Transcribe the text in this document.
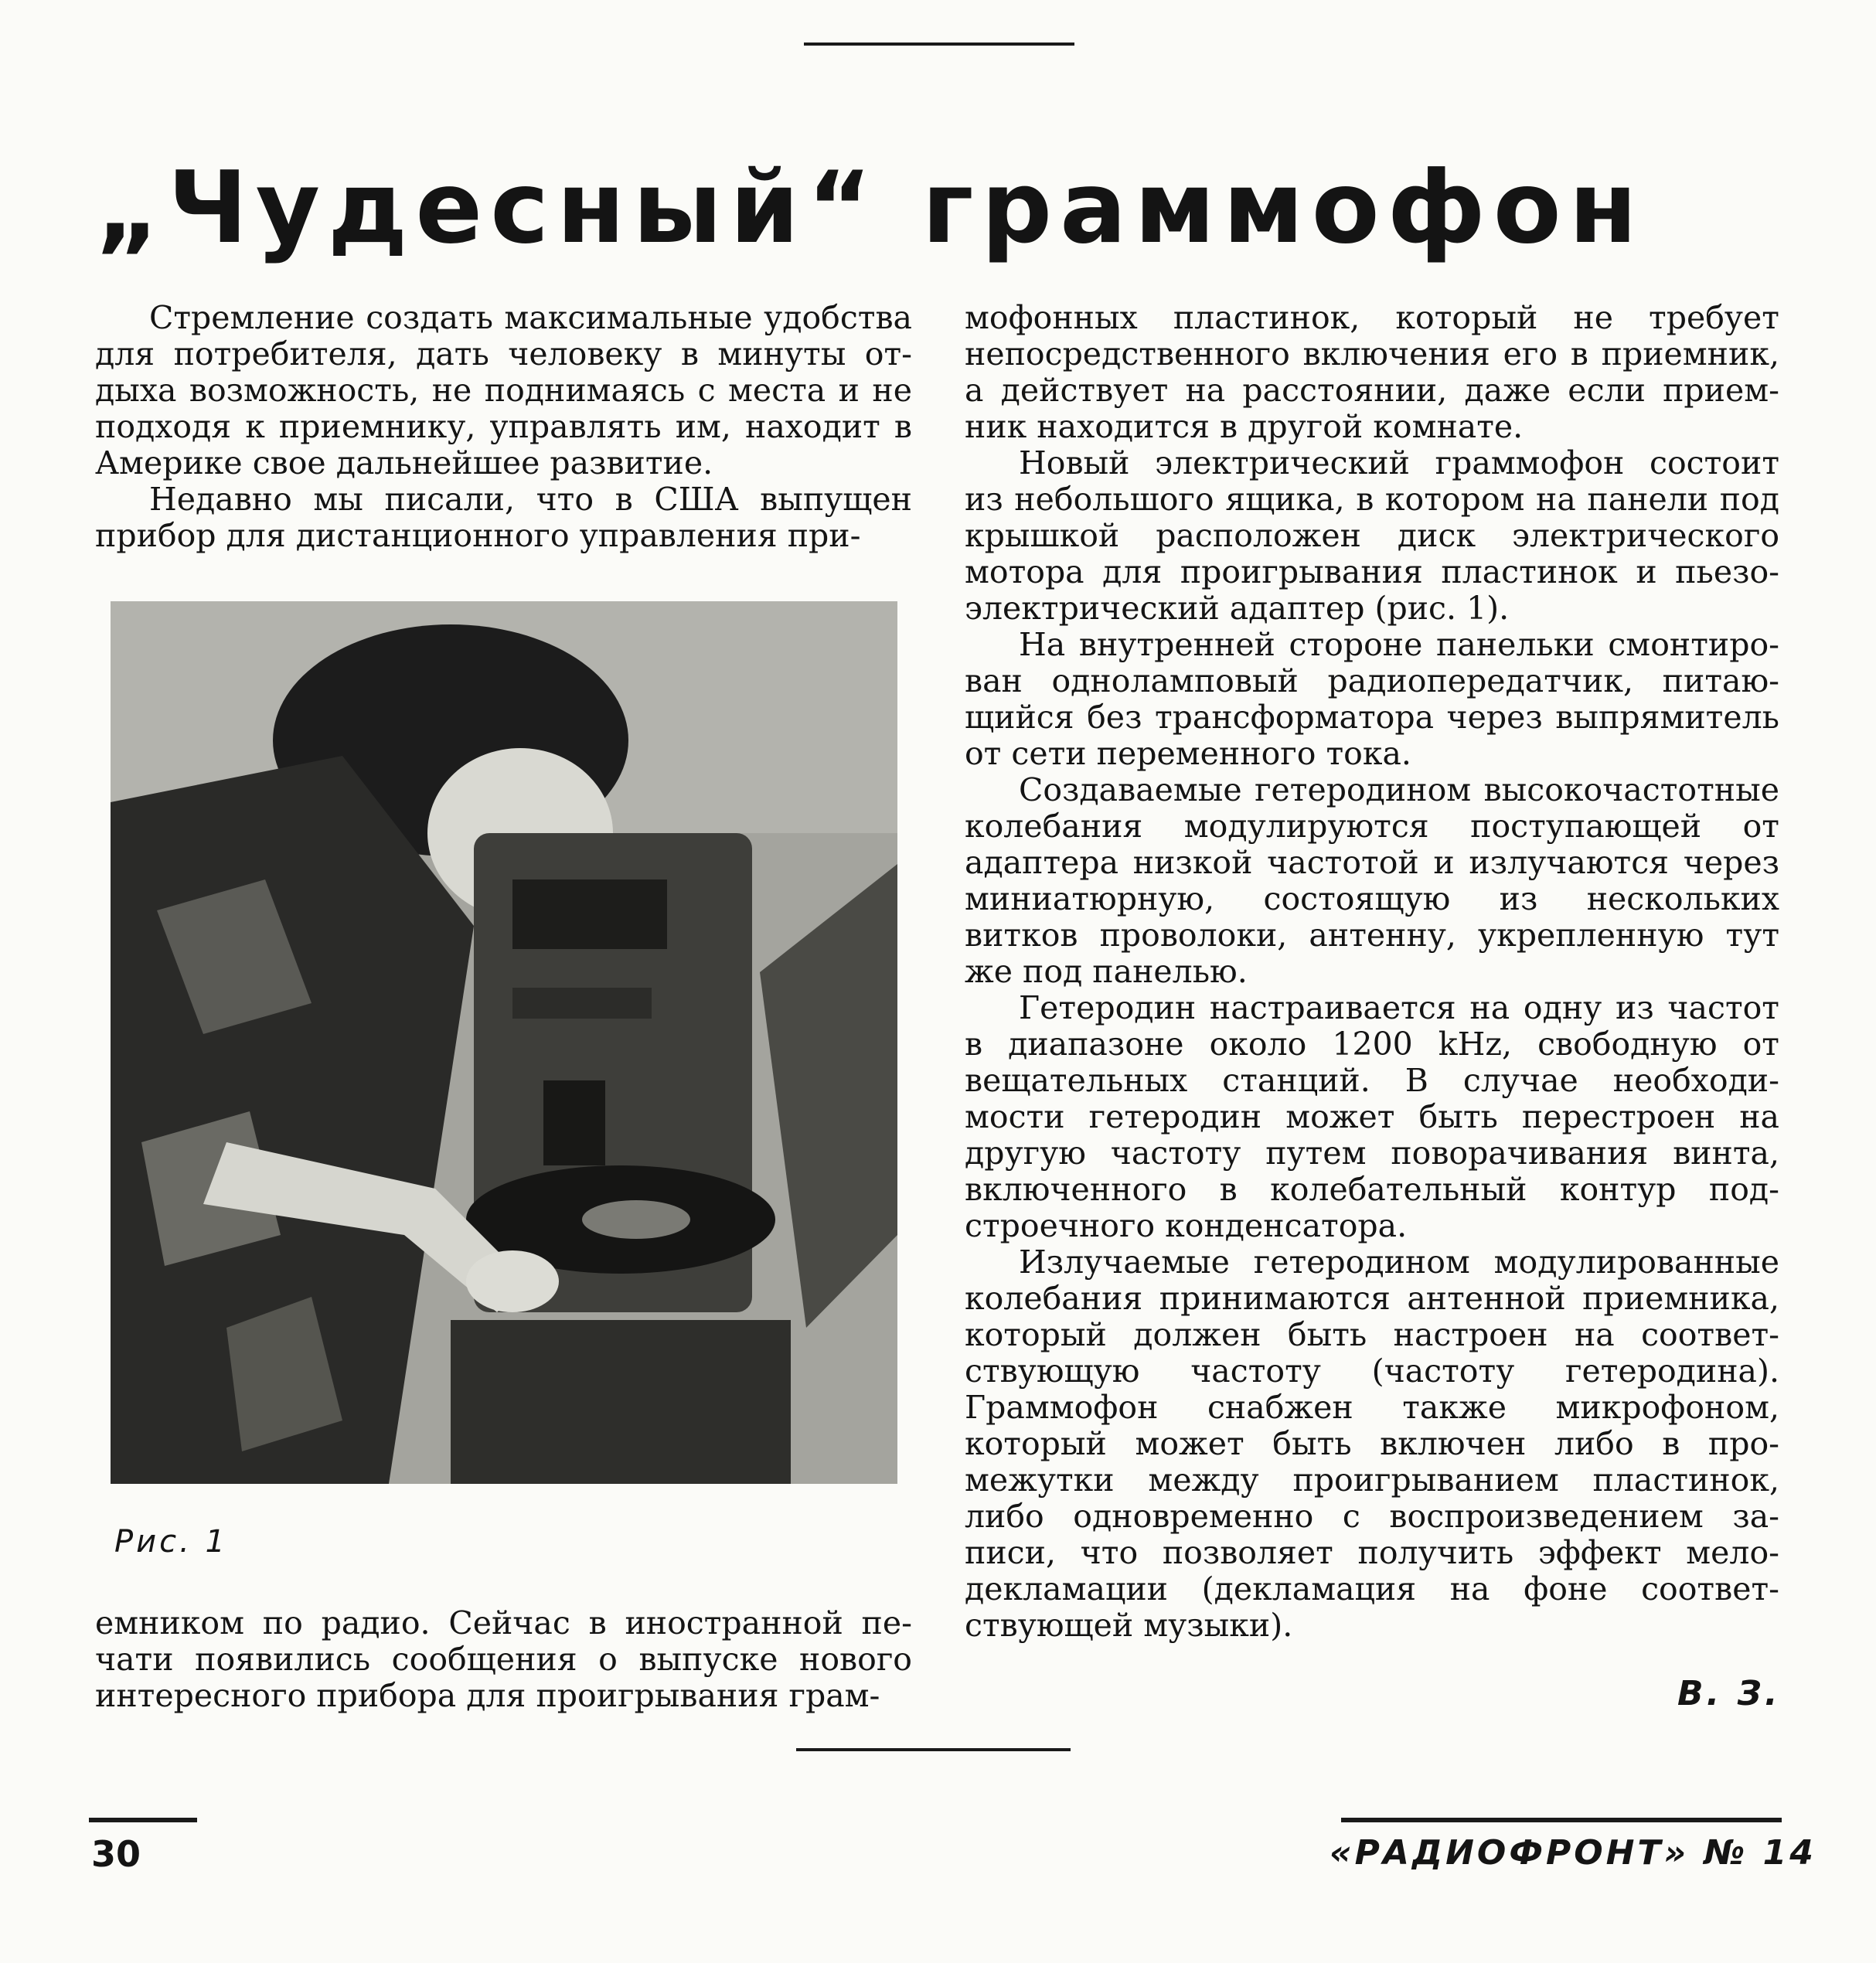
„Чудесный“ граммофон

Стремление создать максимальные удобства для потребителя, дать человеку в минуты от-дыха возможность, не поднимаясь с места и не подходя к приемнику, управлять им, находит в Америке свое дальнейшее развитие.

Недавно мы писали, что в США выпущен прибор для дистанционного управления при-

Рис. 1

емником по радио. Сейчас в иностранной пе-чати появились сообщения о выпуске нового интересного прибора для проигрывания грам-

мофонных пластинок, который не требует непосредственного включения его в приемник, а действует на расстоянии, даже если прием-ник находится в другой комнате.

Новый электрический граммофон состоит из небольшого ящика, в котором на панели под крышкой расположен диск электрического мотора для проигрывания пластинок и пьезо-электрический адаптер (рис. 1).

На внутренней стороне панельки смонтиро-ван одноламповый радиопередатчик, питаю-щийся без трансформатора через выпрямитель от сети переменного тока.

Создаваемые гетеродином высокочастотные колебания модулируются поступающей от адаптера низкой частотой и излучаются через миниатюрную, состоящую из нескольких витков проволоки, антенну, укрепленную тут же под панелью.

Гетеродин настраивается на одну из частот в диапазоне около 1200 kHz, свободную от вещательных станций. В случае необходи-мости гетеродин может быть перестроен на другую частоту путем поворачивания винта, включенного в колебательный контур под-строечного конденсатора.

Излучаемые гетеродином модулированные колебания принимаются антенной приемника, который должен быть настроен на соответ-ствующую частоту (частоту гетеродина). Граммофон снабжен также микрофоном, который может быть включен либо в про-межутки между проигрыванием пластинок, либо одновременно с воспроизведением за-писи, что позволяет получить эффект мело-декламации (декламация на фоне соответ-ствующей музыки).

В. З.
30	«РАДИОФРОНТ» № 14
